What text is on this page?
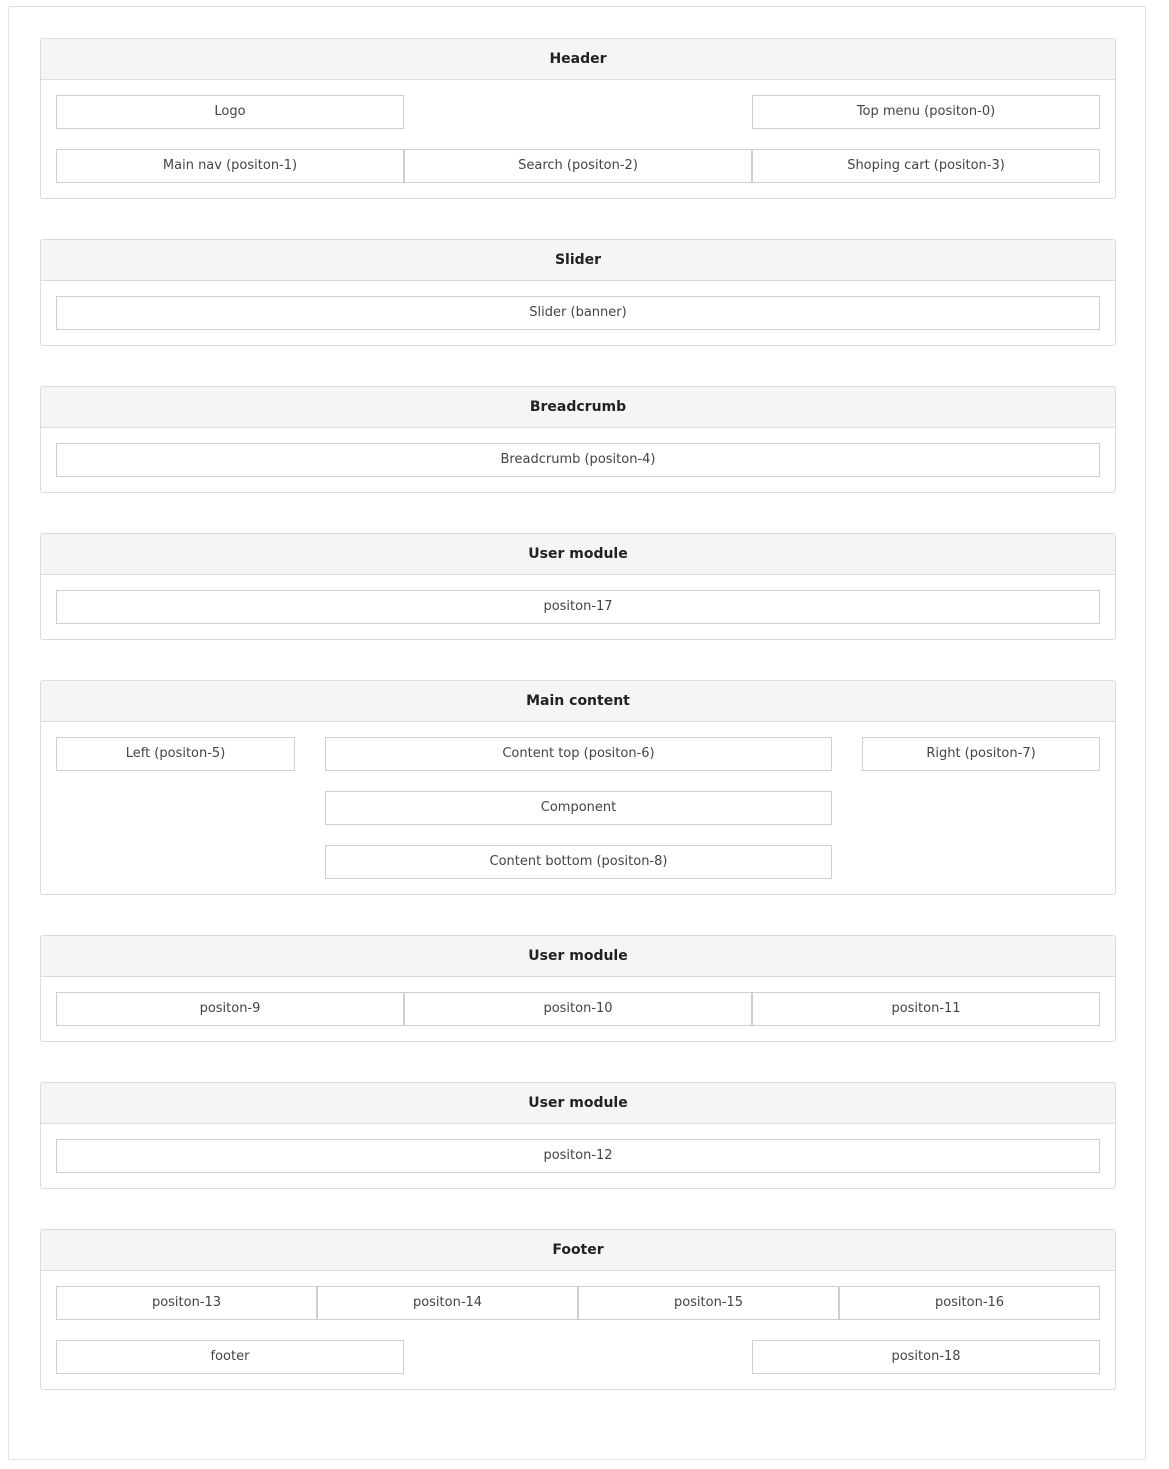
Header
Logo	Top menu (positon-0)
Main nav (positon-1)	Search (positon-2)	Shoping cart (positon-3)
Slider
Slider (banner)
Breadcrumb
Breadcrumb (positon-4)
User module
positon-17
Main content
Left (positon-5)	Content top (positon-6)	Right (positon-7)
Component
Content bottom (positon-8)
User module
positon-9	positon-10	positon-11
User module
positon-12
Footer
positon-13	positon-14	positon-15	positon-16
footer	positon-18
